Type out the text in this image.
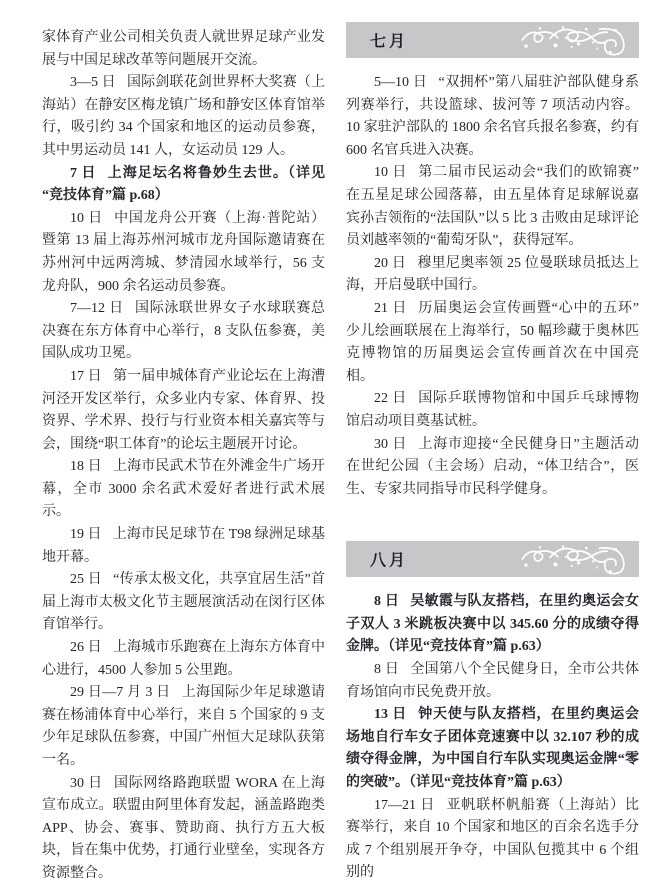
家体育产业公司相关负责人就世界足球产业发展与中国足球改革等问题展开交流。

3—5 日 国际剑联花剑世界杯大奖赛（上海站）在静安区梅龙镇广场和静安区体育馆举行，吸引约 34 个国家和地区的运动员参赛，其中男运动员 141 人，女运动员 129 人。

7 日 上海足坛名将鲁妙生去世。（详见“竞技体育”篇 p.68）

10 日 中国龙舟公开赛（上海·普陀站）暨第 13 届上海苏州河城市龙舟国际邀请赛在苏州河中远两湾城、梦清园水域举行，56 支龙舟队，900 余名运动员参赛。

7—12 日 国际泳联世界女子水球联赛总决赛在东方体育中心举行，8 支队伍参赛，美国队成功卫冕。

17 日 第一届申城体育产业论坛在上海漕河泾开发区举行，众多业内专家、体育界、投资界、学术界、投行与行业资本相关嘉宾等与会，围绕“职工体育”的论坛主题展开讨论。

18 日 上海市民武术节在外滩金牛广场开幕，全市 3000 余名武术爱好者进行武术展示。

19 日 上海市民足球节在 T98 绿洲足球基地开幕。

25 日 “传承太极文化，共享宜居生活”首届上海市太极文化节主题展演活动在闵行区体育馆举行。

26 日 上海城市乐跑赛在上海东方体育中心进行，4500 人参加 5 公里跑。

29 日—7 月 3 日 上海国际少年足球邀请赛在杨浦体育中心举行，来自 5 个国家的 9 支少年足球队伍参赛，中国广州恒大足球队获第一名。

30 日 国际网络路跑联盟 WORA 在上海宣布成立。联盟由阿里体育发起，涵盖路跑类 APP、协会、赛事、赞助商、执行方五大板块，旨在集中优势，打通行业壁垒，实现各方资源整合。

七月

5—10 日 “双拥杯”第八届驻沪部队健身系列赛举行，共设篮球、拔河等 7 项活动内容。10 家驻沪部队的 1800 余名官兵报名参赛，约有 600 名官兵进入决赛。

10 日 第二届市民运动会“我们的欧锦赛”在五星足球公园落幕，由五星体育足球解说嘉宾孙吉领衔的“法国队”以 5 比 3 击败由足球评论员刘越率领的“葡萄牙队”，获得冠军。

20 日 穆里尼奥率领 25 位曼联球员抵达上海，开启曼联中国行。

21 日 历届奥运会宣传画暨“心中的五环”少儿绘画联展在上海举行，50 幅珍藏于奥林匹克博物馆的历届奥运会宣传画首次在中国亮相。

22 日 国际乒联博物馆和中国乒乓球博物馆启动项目奠基试桩。

30 日 上海市迎接“全民健身日”主题活动在世纪公园（主会场）启动，“体卫结合”，医生、专家共同指导市民科学健身。

八月

8 日 吴敏霞与队友搭档，在里约奥运会女子双人 3 米跳板决赛中以 345.60 分的成绩夺得金牌。（详见“竞技体育”篇 p.63）

8 日 全国第八个全民健身日，全市公共体育场馆向市民免费开放。

13 日 钟天使与队友搭档，在里约奥运会场地自行车女子团体竞速赛中以 32.107 秒的成绩夺得金牌，为中国自行车队实现奥运金牌“零的突破”。（详见“竞技体育”篇 p.63）

17—21 日 亚帆联杯帆船赛（上海站）比赛举行，来自 10 个国家和地区的百余名选手分成 7 个组别展开争夺，中国队包揽其中 6 个组别的
